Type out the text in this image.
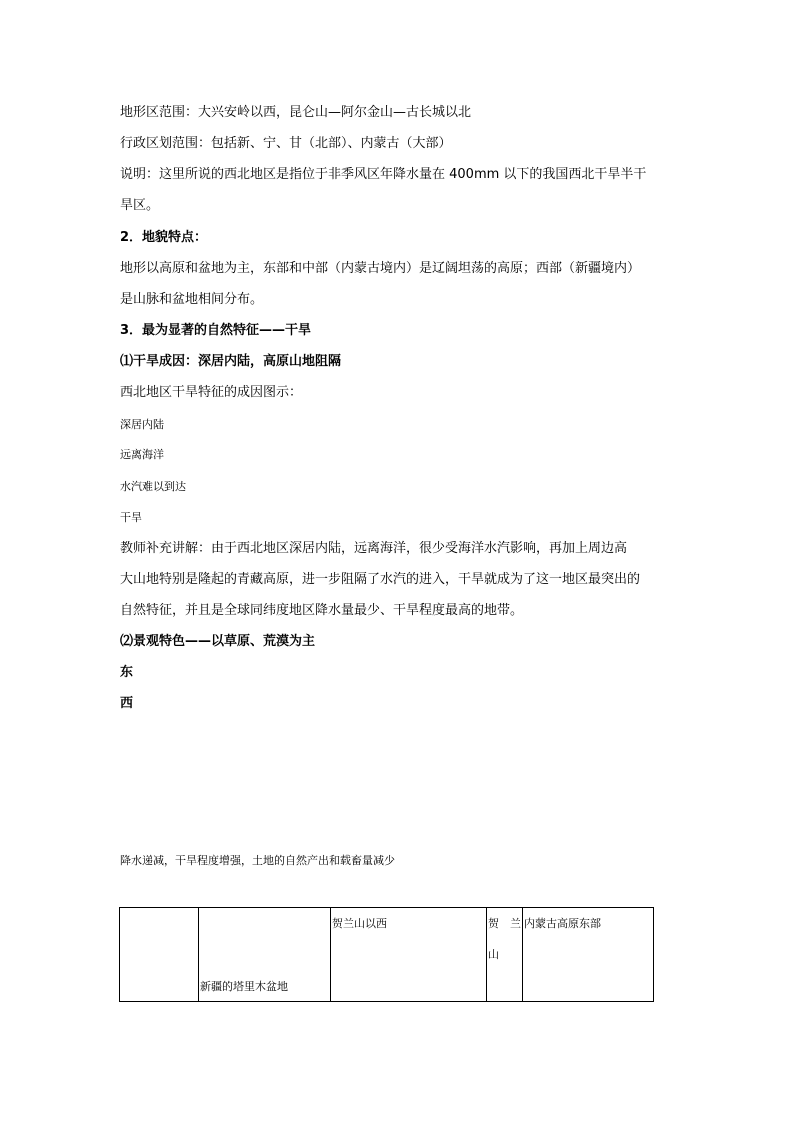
地形区范围：大兴安岭以西，昆仑山—阿尔金山—古长城以北
行政区划范围：包括新、宁、甘（北部）、内蒙古（大部）
说明：这里所说的西北地区是指位于非季风区年降水量在 400mm 以下的我国西北干旱半干
旱区。
2．地貌特点：
地形以高原和盆地为主，东部和中部（内蒙古境内）是辽阔坦荡的高原；西部（新疆境内）
是山脉和盆地相间分布。
3．最为显著的自然特征——干旱
⑴干旱成因：深居内陆，高原山地阻隔
西北地区干旱特征的成因图示：
深居内陆
远离海洋
水汽难以到达
干旱
教师补充讲解：由于西北地区深居内陆，远离海洋，很少受海洋水汽影响，再加上周边高
大山地特别是隆起的青藏高原，进一步阻隔了水汽的进入，干旱就成为了这一地区最突出的
自然特征，并且是全球同纬度地区降水量最少、干旱程度最高的地带。
⑵景观特色——以草原、荒漠为主
东
西
降水递减，干旱程度增强，土地的自然产出和载畜量减少
新疆的塔里木盆地
贺兰山以西	贺 兰
山
内蒙古高原东部
